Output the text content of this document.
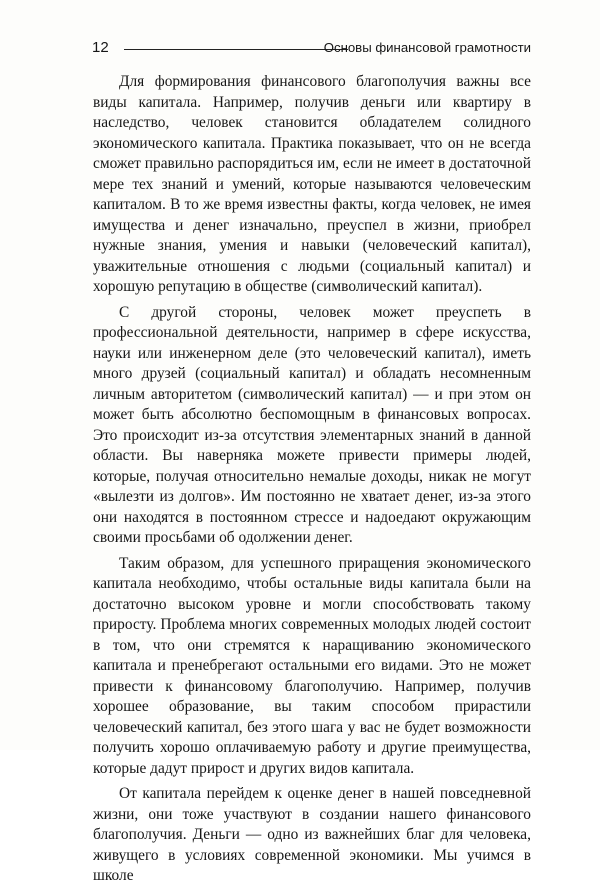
12	Основы финансовой грамотности

Для формирования финансового благополучия важны все виды капитала. Например, получив деньги или квартиру в наследство, человек становится обладателем солидного экономического капитала. Практика показывает, что он не всегда сможет правильно распорядиться им, если не имеет в достаточной мере тех знаний и умений, которые называются человеческим капиталом. В то же время известны факты, когда человек, не имея имущества и денег изначально, преуспел в жизни, приобрел нужные знания, умения и навыки (человеческий капитал), уважительные отношения с людьми (социальный капитал) и хорошую репутацию в обществе (символический капитал).

С другой стороны, человек может преуспеть в профессиональной деятельности, например в сфере искусства, науки или инженерном деле (это человеческий капитал), иметь много друзей (социальный капитал) и обладать несомненным личным авторитетом (символический капитал) — и при этом он может быть абсолютно беспомощным в финансовых вопросах. Это происходит из-за отсутствия элементарных знаний в данной области. Вы наверняка можете привести примеры людей, которые, получая относительно немалые доходы, никак не могут «вылезти из долгов». Им постоянно не хватает денег, из-за этого они находятся в постоянном стрессе и надоедают окружающим своими просьбами об одолжении денег.

Таким образом, для успешного приращения экономического капитала необходимо, чтобы остальные виды капитала были на достаточно высоком уровне и могли способствовать такому приросту. Проблема многих современных молодых людей состоит в том, что они стремятся к наращиванию экономического капитала и пренебрегают остальными его видами. Это не может привести к финансовому благополучию. Например, получив хорошее образование, вы таким способом прирастили человеческий капитал, без этого шага у вас не будет возможности получить хорошо оплачиваемую работу и другие преимущества, которые дадут прирост и других видов капитала.

От капитала перейдем к оценке денег в нашей повседневной жизни, они тоже участвуют в создании нашего финансового благополучия. Деньги — одно из важнейших благ для человека, живущего в условиях современной экономики. Мы учимся в школе
